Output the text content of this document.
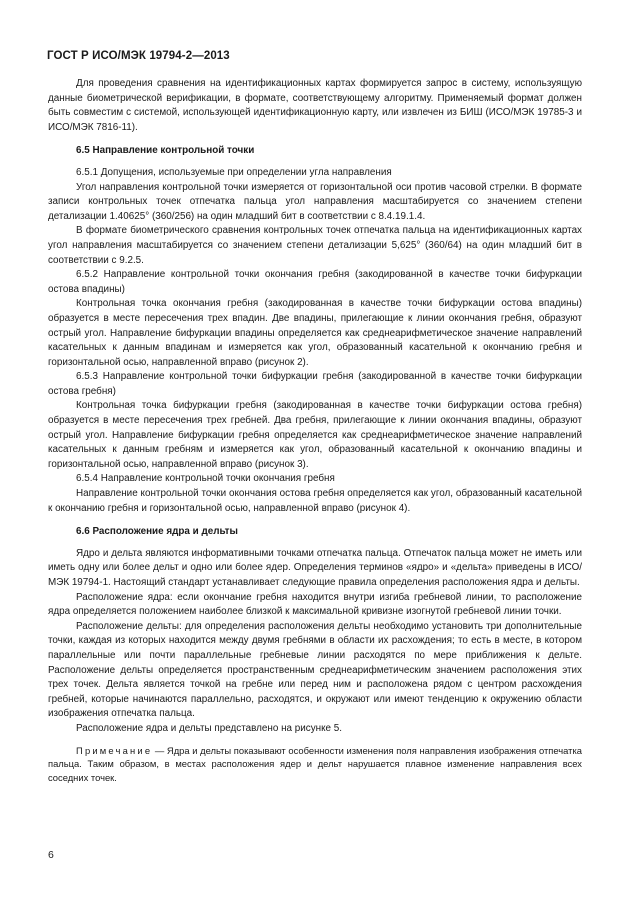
ГОСТ Р ИСО/МЭК 19794-2—2013

Для проведения сравнения на идентификационных картах формируется запрос в систему, используящую данные биометрической верификации, в формате, соответствующему алгоритму. Применяемый формат должен быть совместим с системой, использующей идентификационную карту, или извлечен из БИШ (ИСО/МЭК 19785-3 и ИСО/МЭК 7816-11).

6.5 Направление контрольной точки

6.5.1 Допущения, используемые при определении угла направления

Угол направления контрольной точки измеряется от горизонтальной оси против часовой стрелки. В формате записи контрольных точек отпечатка пальца угол направления масштабируется со значением степени детализации 1.40625° (360/256) на один младший бит в соответствии с 8.4.19.1.4.

В формате биометрического сравнения контрольных точек отпечатка пальца на идентификационных картах угол направления масштабируется со значением степени детализации 5,625° (360/64) на один младший бит в соответствии с 9.2.5.

6.5.2 Направление контрольной точки окончания гребня (закодированной в качестве точки бифуркации остова впадины)

Контрольная точка окончания гребня (закодированная в качестве точки бифуркации остова впадины) образуется в месте пересечения трех впадин. Две впадины, прилегающие к линии окончания гребня, образуют острый угол. Направление бифуркации впадины определяется как среднеарифметическое значение направлений касательных к данным впадинам и измеряется как угол, образованный касательной к окончанию гребня и горизонтальной осью, направленной вправо (рисунок 2).

6.5.3 Направление контрольной точки бифуркации гребня (закодированной в качестве точки бифуркации остова гребня)

Контрольная точка бифуркации гребня (закодированная в качестве точки бифуркации остова гребня) образуется в месте пересечения трех гребней. Два гребня, прилегающие к линии окончания впадины, образуют острый угол. Направление бифуркации гребня определяется как среднеарифметическое значение направлений касательных к данным гребням и измеряется как угол, образованный касательной к окончанию впадины и горизонтальной осью, направленной вправо (рисунок 3).

6.5.4 Направление контрольной точки окончания гребня

Направление контрольной точки окончания остова гребня определяется как угол, образованный касательной к окончанию гребня и горизонтальной осью, направленной вправо (рисунок 4).

6.6 Расположение ядра и дельты

Ядро и дельта являются информативными точками отпечатка пальца. Отпечаток пальца может не иметь или иметь одну или более дельт и одно или более ядер. Определения терминов «ядро» и «дельта» приведены в ИСО/МЭК 19794-1. Настоящий стандарт устанавливает следующие правила определения расположения ядра и дельты.

Расположение ядра: если окончание гребня находится внутри изгиба гребневой линии, то расположение ядра определяется положением наиболее близкой к максимальной кривизне изогнутой гребневой линии точки.

Расположение дельты: для определения расположения дельты необходимо установить три дополнительные точки, каждая из которых находится между двумя гребнями в области их расхождения; то есть в месте, в котором параллельные или почти параллельные гребневые линии расходятся по мере приближения к дельте. Расположение дельты определяется пространственным среднеарифметическим значением расположения этих трех точек. Дельта является точкой на гребне или перед ним и расположена рядом с центром расхождения гребней, которые начинаются параллельно, расходятся, и окружают или имеют тенденцию к окружению области изображения отпечатка пальца.

Расположение ядра и дельты представлено на рисунке 5.

Примечание — Ядра и дельты показывают особенности изменения поля направления изображения отпечатка пальца. Таким образом, в местах расположения ядер и дельт нарушается плавное изменение направления всех соседних точек.

6
